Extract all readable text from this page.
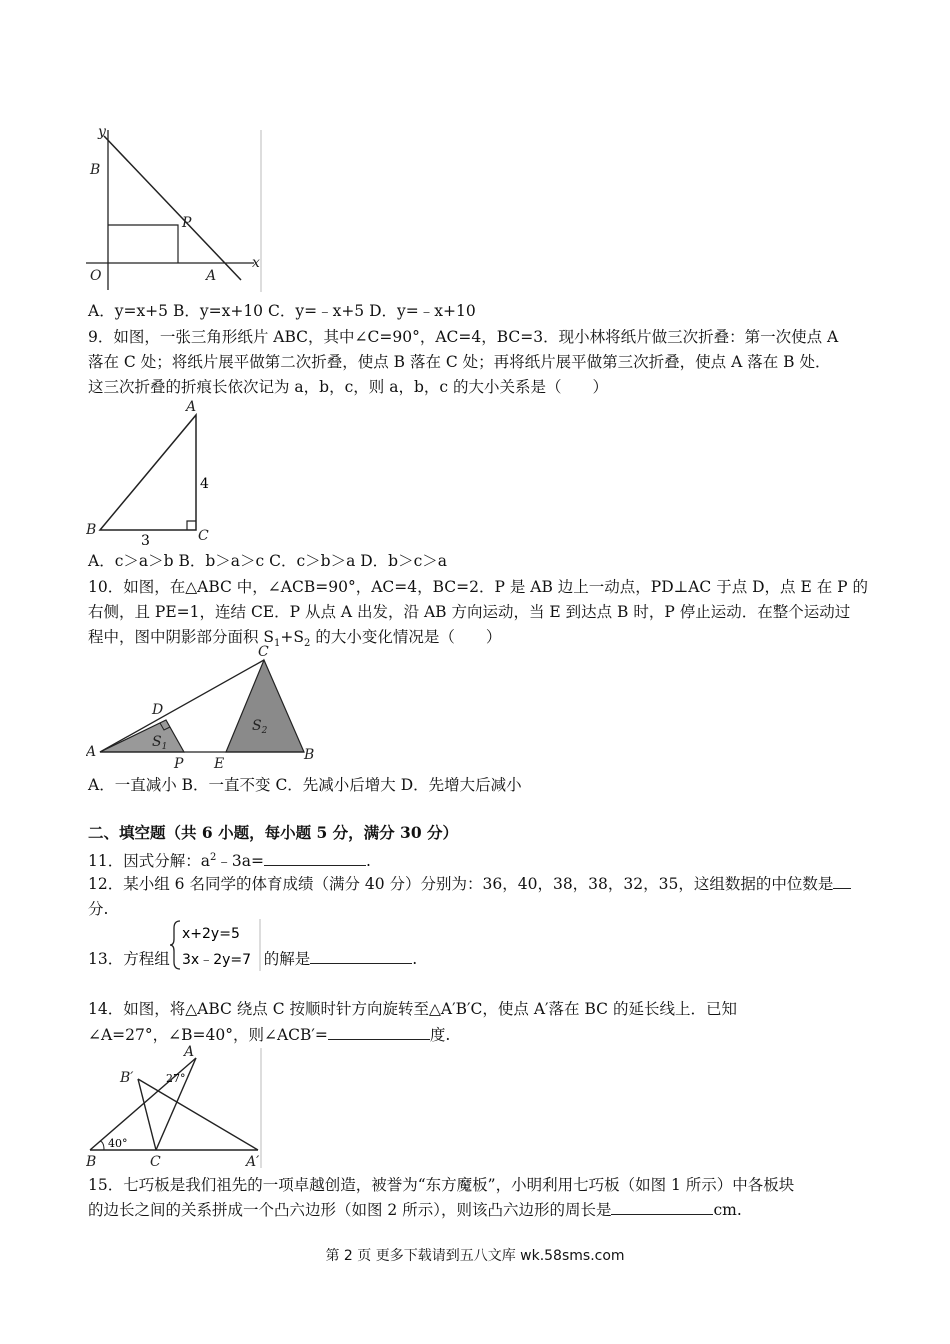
y
x
B
P
O	A
A．y=x+5 B．y=x+10 C．y=﹣x+5 D．y=﹣x+10
9．如图，一张三角形纸片 ABC，其中∠C=90°，AC=4，BC=3．现小林将纸片做三次折叠：第一次使点 A
落在 C 处；将纸片展平做第二次折叠，使点 B 落在 C 处；再将纸片展平做第三次折叠，使点 A 落在 B 处．
这三次折叠的折痕长依次记为 a，b，c，则 a，b，c 的大小关系是（　　）
A
B	C
4
3
A．c＞a＞b B．b＞a＞c C．c＞b＞a D．b＞c＞a
10．如图，在△ABC 中，∠ACB=90°，AC=4，BC=2．P 是 AB 边上一动点，PD⊥AC 于点 D，点 E 在 P 的
右侧，且 PE=1，连结 CE．P 从点 A 出发，沿 AB 方向运动，当 E 到达点 B 时，P 停止运动．在整个运动过
程中，图中阴影部分面积 $S_1+S_2$ 的大小变化情况是（　　）
C
D
A
P E
B
$S_1$
$S_2$
A．一直减小 B．一直不变 C．先减小后增大 D．先增大后减小
二、填空题（共 6 小题，每小题 5 分，满分 30 分）
11．因式分解：$a^2﹣3a=$	.
12．某小组 6 名同学的体育成绩（满分 40 分）分别为：36，40，38，38，32，35，这组数据的中位数是
分.
13．方程组	的解是	.
x+2y=5
3x﹣2y=7
14．如图，将△ABC 绕点 C 按顺时针方向旋转至△A′B′C，使点 A′落在 BC 的延长线上．已知
∠A=27°，∠B=40°，则∠ACB′=	度.
A
B′	27°
40°
B	C	A′
15．七巧板是我们祖先的一项卓越创造，被誉为“东方魔板”，小明利用七巧板（如图 1 所示）中各板块
的边长之间的关系拼成一个凸六边形（如图 2 所示），则该凸六边形的周长是	cm.
第 2 页 更多下载请到五八文库 wk.58sms.com
